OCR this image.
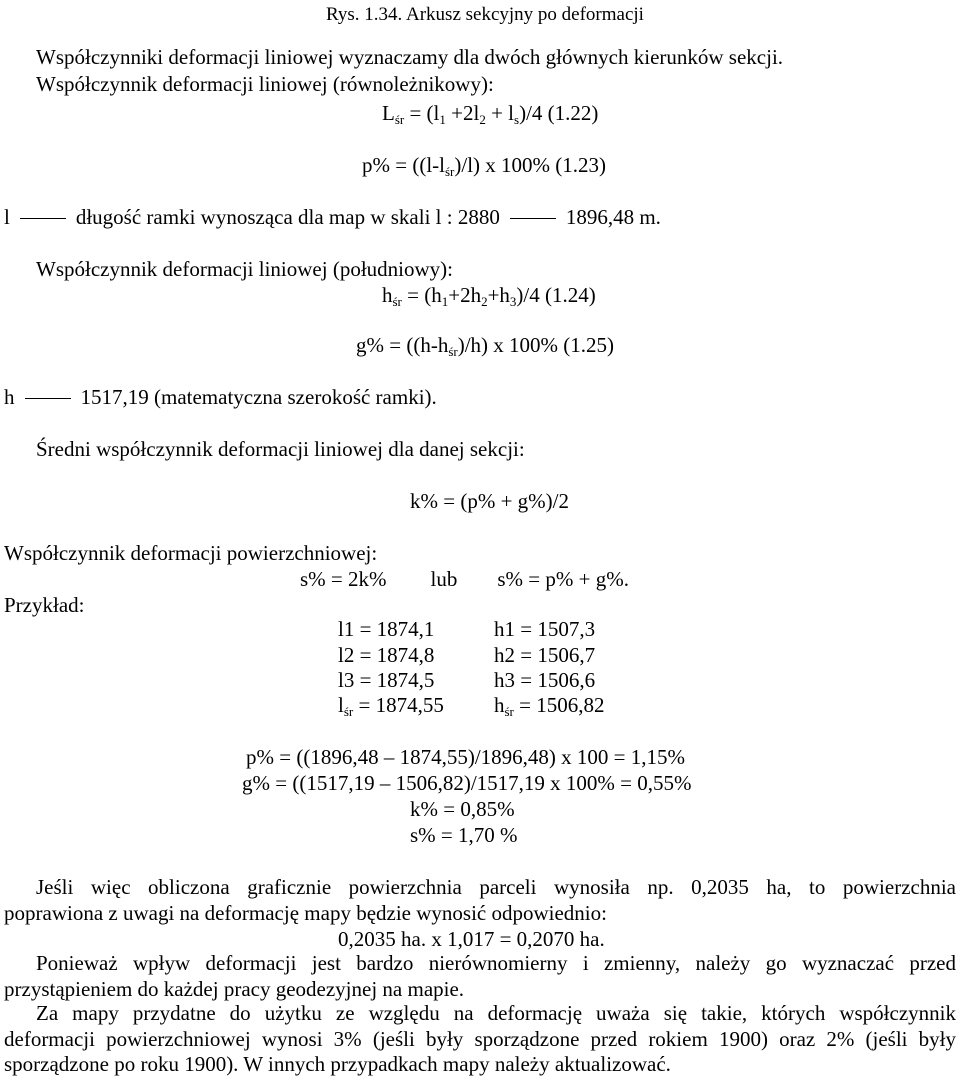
Rys. 1.34. Arkusz sekcyjny po deformacji
Współczynniki deformacji liniowej wyznaczamy dla dwóch głównych kierunków sekcji.
Współczynnik deformacji liniowej (równoleżnikowy):
$L_{śr} = (l_1 +2l_2 + l_s)/4$ (1.22)
$p\% = ((l-l_{śr})/l)$ x 100% (1.23)
l	długość ramki wynosząca dla map w skali l : 2880	1896,48 m.
Współczynnik deformacji liniowej (południowy):
$h_{śr} = (h_1+2h_2+h_3)/4$ (1.24)
$g\% = ((h-h_{śr})/h)$ x 100% (1.25)
h	1517,19 (matematyczna szerokość ramki).
Średni współczynnik deformacji liniowej dla danej sekcji:
k% = (p% + g%)/2
Współczynnik deformacji powierzchniowej:
s% = 2k% lub s% = p% + g%.
Przykład:
l1 = 1874,1	h1 = 1507,3
l2 = 1874,8	h2 = 1506,7
l3 = 1874,5	h3 = 1506,6
$l_{śr} = 1874,55$ $h_{śr} = 1506,82$
p% = ((1896,48 – 1874,55)/1896,48) x 100 = 1,15%
g% = ((1517,19 – 1506,82)/1517,19 x 100% = 0,55%
k% = 0,85%
s% = 1,70 %
Jeśli więc obliczona graficznie powierzchnia parceli wynosiła np. 0,2035 ha, to powierzchnia
poprawiona z uwagi na deformację mapy będzie wynosić odpowiednio:
0,2035 ha. x 1,017 = 0,2070 ha.
Ponieważ wpływ deformacji jest bardzo nierównomierny i zmienny, należy go wyznaczać przed
przystąpieniem do każdej pracy geodezyjnej na mapie.
Za mapy przydatne do użytku ze względu na deformację uważa się takie, których współczynnik
deformacji powierzchniowej wynosi 3% (jeśli były sporządzone przed rokiem 1900) oraz 2% (jeśli były
sporządzone po roku 1900). W innych przypadkach mapy należy aktualizować.
